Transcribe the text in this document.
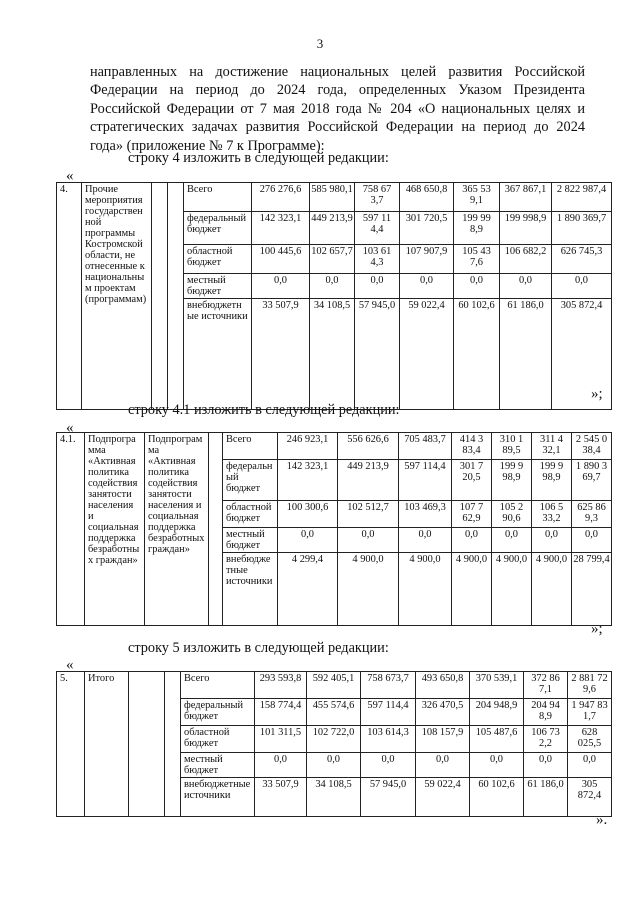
3
направленных на достижение национальных целей развития Российской Федерации на период до 2024 года, определенных Указом Президента Российской Федерации от 7 мая 2018 года № 204 «О национальных целях и стратегических задачах развития Российской Федерации на период до 2024 года» (приложение № 7 к Программе):
строку 4 изложить в следующей редакции:
«
4.	Прочие мероприятия государственной программы Костромской области, не отнесенные к национальным проектам (программам)			Всего	276 276,6	585 980,1	758 67 3,7	468 650,8	365 53 9,1	367 867,1	2 822 987,4
				федеральный бюджет	142 323,1	449 213,9	597 11 4,4	301 720,5	199 99 8,9	199 998,9	1 890 369,7
				областной бюджет	100 445,6	102 657,7	103 61 4,3	107 907,9	105 43 7,6	106 682,2	626 745,3
				местный бюджет	0,0	0,0	0,0	0,0	0,0	0,0	0,0
				внебюджетные источники	33 507,9	34 108,5	57 945,0	59 022,4	60 102,6	61 186,0	305 872,4
»;
строку 4.1 изложить в следующей редакции:
«
4.1.	Подпрограмма «Активная политика содействия занятости населения и социальная поддержка безработных граждан»	Подпрограмма «Активная политика содействия занятости населения и социальная поддержка безработных граждан»		Всего	246 923,1	556 626,6	705 483,7	414 3 83,4	310 1 89,5	311 4 32,1	2 545 0 38,4
				федеральный бюджет	142 323,1	449 213,9	597 114,4	301 7 20,5	199 9 98,9	199 9 98,9	1 890 3 69,7
				областной бюджет	100 300,6	102 512,7	103 469,3	107 7 62,9	105 2 90,6	106 5 33,2	625 86 9,3
				местный бюджет	0,0	0,0	0,0	0,0	0,0	0,0	0,0
				внебюджетные источники	4 299,4	4 900,0	4 900,0	4 900,0	4 900,0	4 900,0	28 799,4
»;
строку 5 изложить в следующей редакции:
«
5.	Итого			Всего	293 593,8	592 405,1	758 673,7	493 650,8	370 539,1	372 86 7,1	2 881 72 9,6
				федеральный бюджет	158 774,4	455 574,6	597 114,4	326 470,5	204 948,9	204 94 8,9	1 947 83 1,7
				областной бюджет	101 311,5	102 722,0	103 614,3	108 157,9	105 487,6	106 73 2,2	628 025,5
				местный бюджет	0,0	0,0	0,0	0,0	0,0	0,0	0,0
				внебюджетные источники	33 507,9	34 108,5	57 945,0	59 022,4	60 102,6	61 186,0	305 872,4
».
